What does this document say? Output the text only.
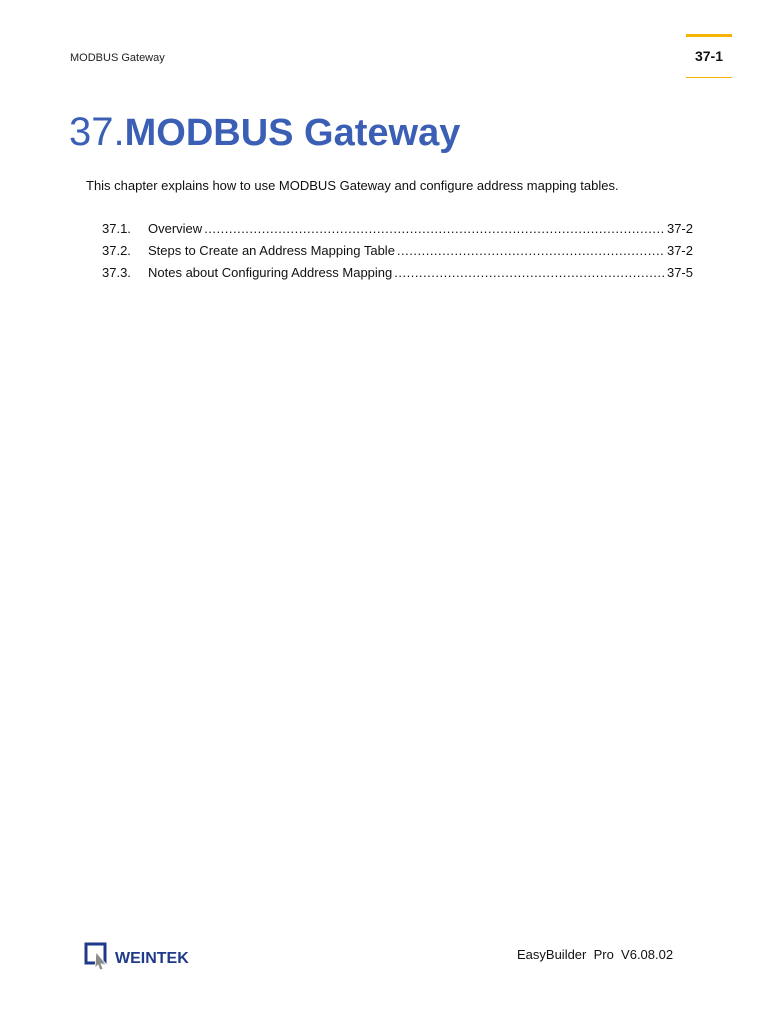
MODBUS Gateway	37-1
37.MODBUS Gateway

This chapter explains how to use MODBUS Gateway and configure address mapping tables.

37.1.	Overview .....	37-2
37.2.	Steps to Create an Address Mapping Table .....	37-2
37.3.	Notes about Configuring Address Mapping .....	37-5
WEINTEK	EasyBuilder  Pro  V6.08.02
